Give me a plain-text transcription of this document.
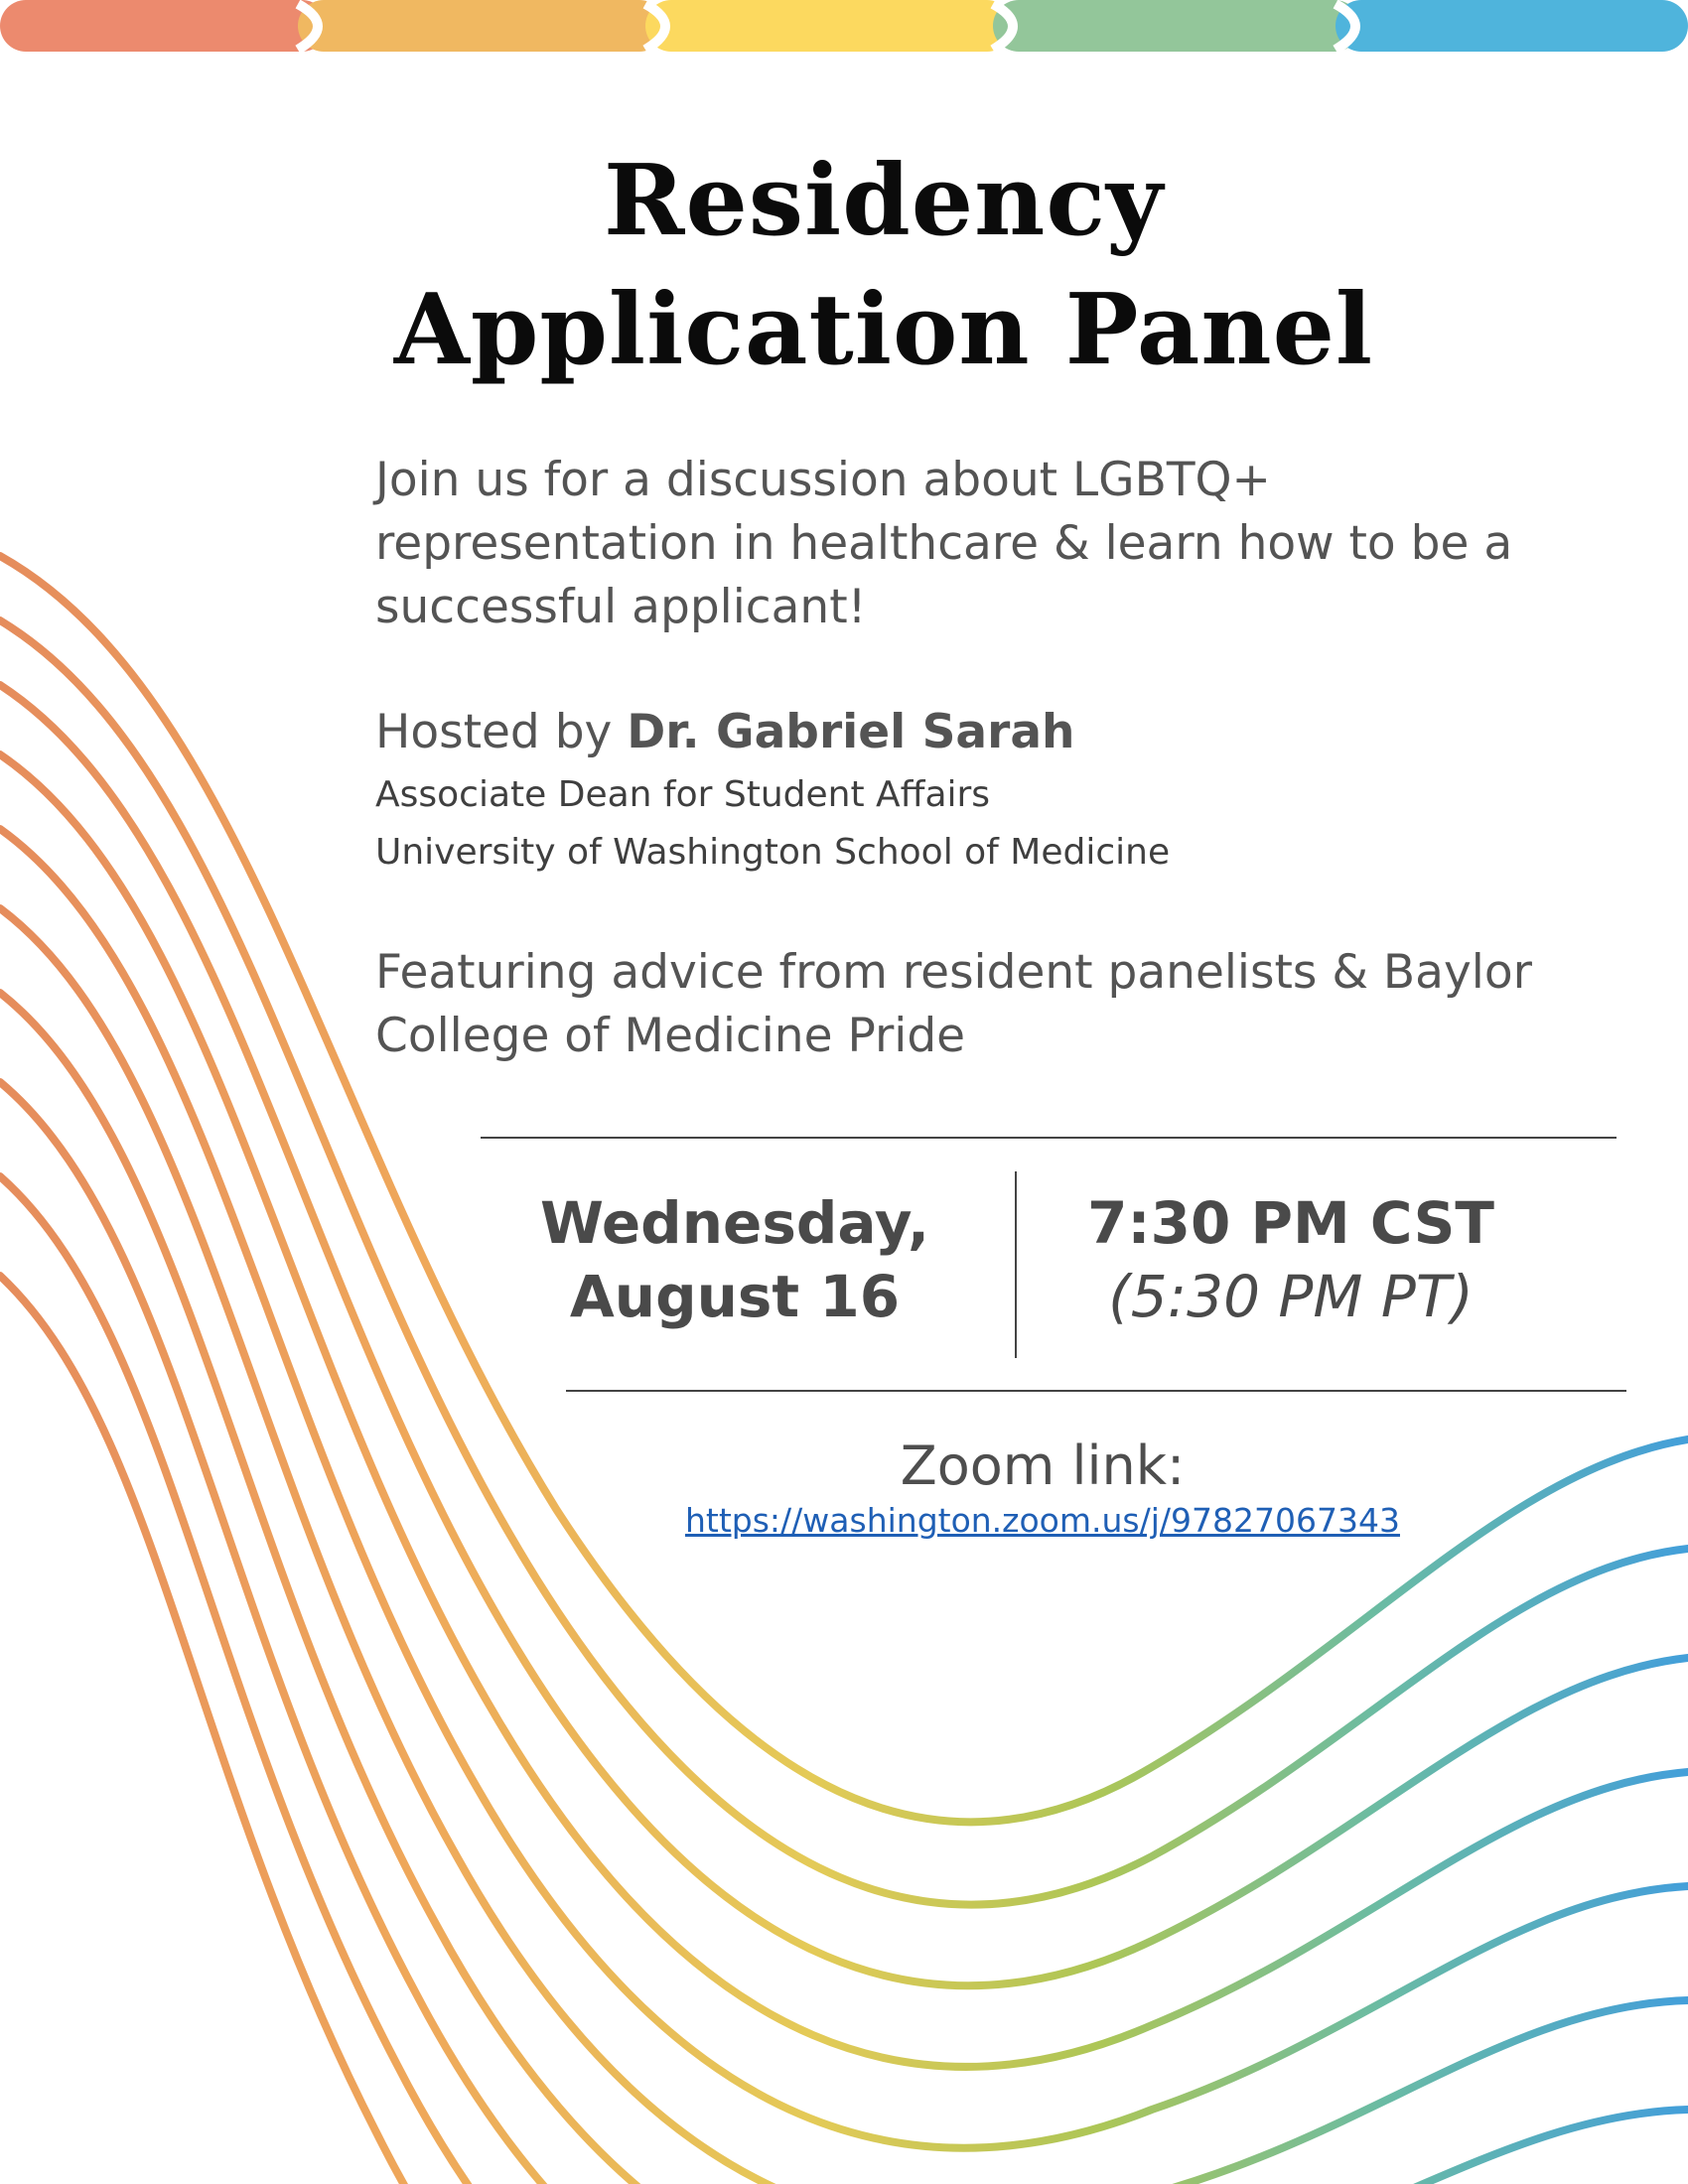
Residency
Application Panel
Join us for a discussion about LGBTQ+ representation in healthcare & learn how to be a successful applicant!
Hosted by Dr. Gabriel Sarah
Associate Dean for Student Affairs
University of Washington School of Medicine
Featuring advice from resident panelists & Baylor College of Medicine Pride
Wednesday,
August 16
7:30 PM CST
(5:30 PM PT)
Zoom link:
https://washington.zoom.us/j/97827067343
